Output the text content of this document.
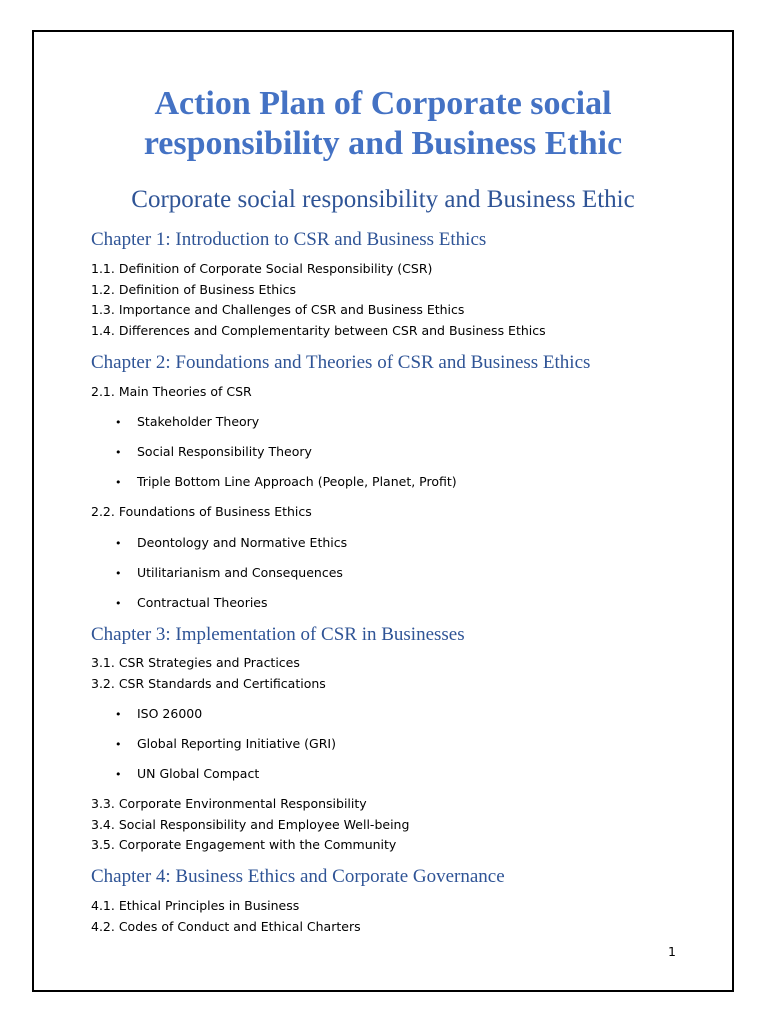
Action Plan of Corporate social
responsibility and Business Ethic
Corporate social responsibility and Business Ethic
Chapter 1: Introduction to CSR and Business Ethics
1.1. Definition of Corporate Social Responsibility (CSR)
1.2. Definition of Business Ethics
1.3. Importance and Challenges of CSR and Business Ethics
1.4. Differences and Complementarity between CSR and Business Ethics
Chapter 2: Foundations and Theories of CSR and Business Ethics
2.1. Main Theories of CSR
• Stakeholder Theory
• Social Responsibility Theory
• Triple Bottom Line Approach (People, Planet, Profit)
2.2. Foundations of Business Ethics
• Deontology and Normative Ethics
• Utilitarianism and Consequences
• Contractual Theories
Chapter 3: Implementation of CSR in Businesses
3.1. CSR Strategies and Practices
3.2. CSR Standards and Certifications
• ISO 26000
• Global Reporting Initiative (GRI)
• UN Global Compact
3.3. Corporate Environmental Responsibility
3.4. Social Responsibility and Employee Well-being
3.5. Corporate Engagement with the Community
Chapter 4: Business Ethics and Corporate Governance
4.1. Ethical Principles in Business
4.2. Codes of Conduct and Ethical Charters
1
